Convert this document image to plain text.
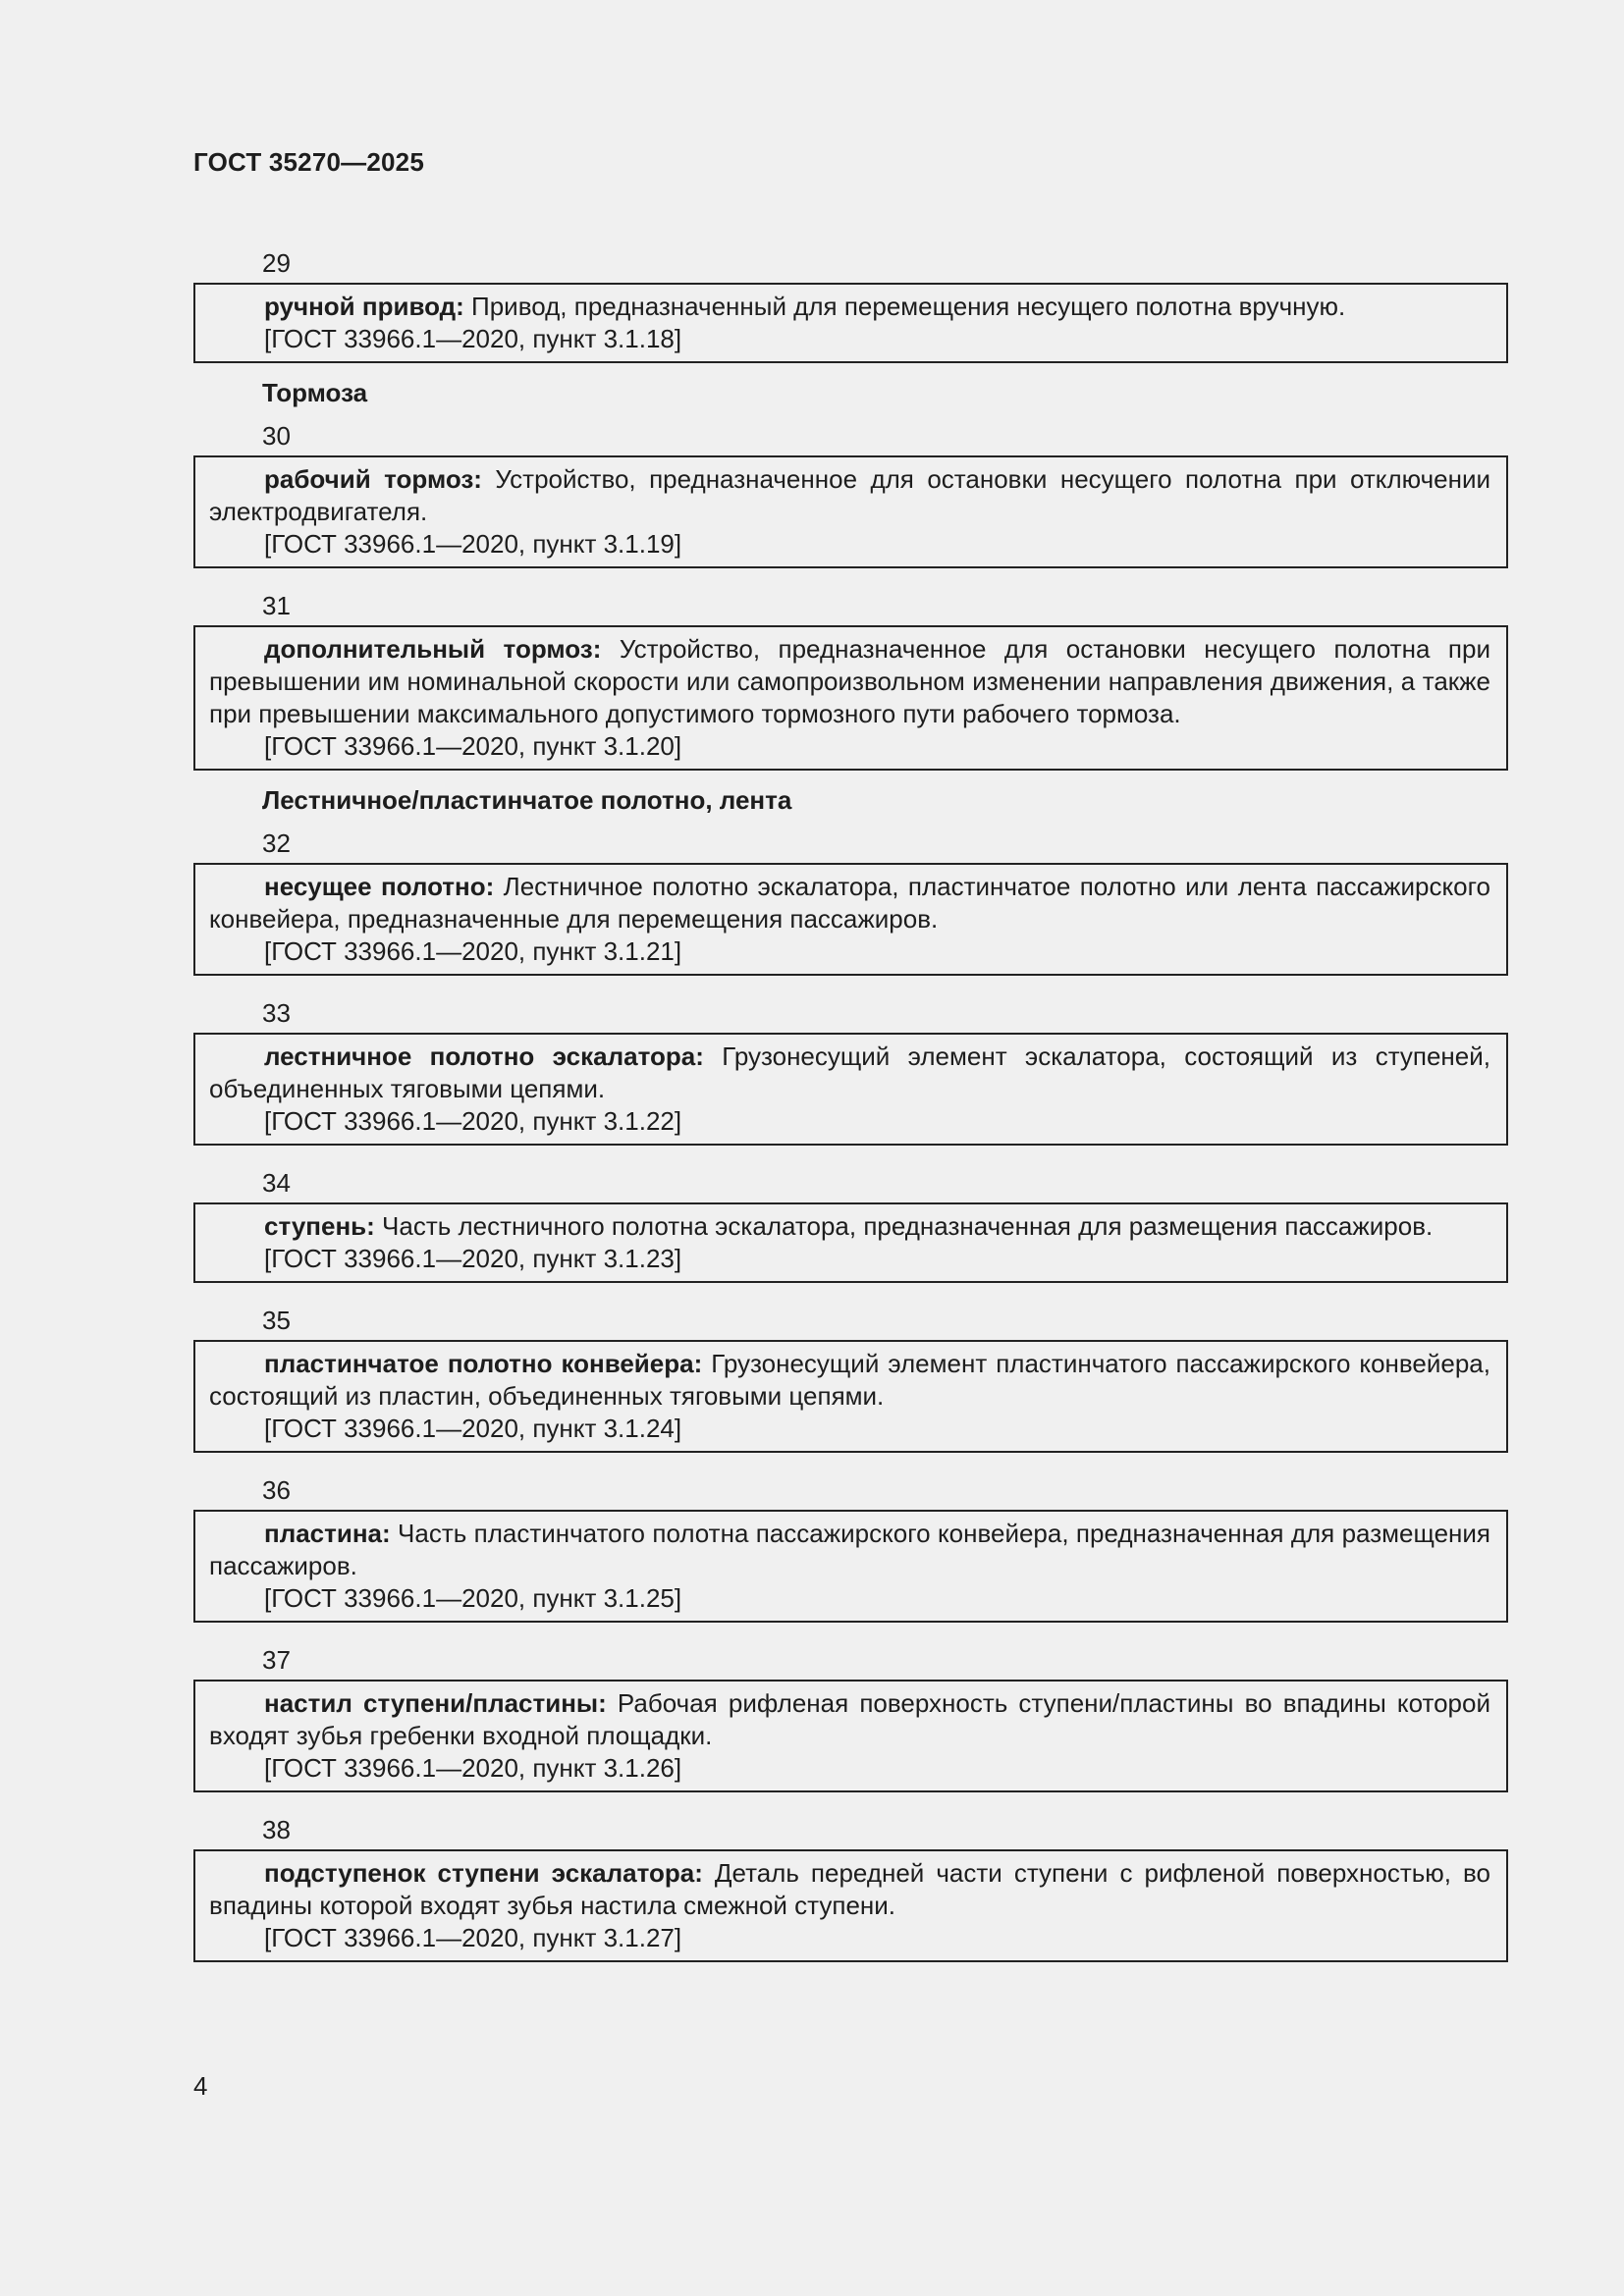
ГОСТ 35270—2025
29
ручной привод: Привод, предназначенный для перемещения несущего полотна вручную.
[ГОСТ 33966.1—2020, пункт 3.1.18]
Тормоза
30
рабочий тормоз: Устройство, предназначенное для остановки несущего полотна при отключении электродвигателя.
[ГОСТ 33966.1—2020, пункт 3.1.19]
31
дополнительный тормоз: Устройство, предназначенное для остановки несущего полотна при превышении им номинальной скорости или самопроизвольном изменении направления движения, а также при превышении максимального допустимого тормозного пути рабочего тормоза.
[ГОСТ 33966.1—2020, пункт 3.1.20]
Лестничное/пластинчатое полотно, лента
32
несущее полотно: Лестничное полотно эскалатора, пластинчатое полотно или лента пассажирского конвейера, предназначенные для перемещения пассажиров.
[ГОСТ 33966.1—2020, пункт 3.1.21]
33
лестничное полотно эскалатора: Грузонесущий элемент эскалатора, состоящий из ступеней, объединенных тяговыми цепями.
[ГОСТ 33966.1—2020, пункт 3.1.22]
34
ступень: Часть лестничного полотна эскалатора, предназначенная для размещения пассажиров.
[ГОСТ 33966.1—2020, пункт 3.1.23]
35
пластинчатое полотно конвейера: Грузонесущий элемент пластинчатого пассажирского конвейера, состоящий из пластин, объединенных тяговыми цепями.
[ГОСТ 33966.1—2020, пункт 3.1.24]
36
пластина: Часть пластинчатого полотна пассажирского конвейера, предназначенная для размещения пассажиров.
[ГОСТ 33966.1—2020, пункт 3.1.25]
37
настил ступени/пластины: Рабочая рифленая поверхность ступени/пластины во впадины которой входят зубья гребенки входной площадки.
[ГОСТ 33966.1—2020, пункт 3.1.26]
38
подступенок ступени эскалатора: Деталь передней части ступени с рифленой поверхностью, во впадины которой входят зубья настила смежной ступени.
[ГОСТ 33966.1—2020, пункт 3.1.27]
4
